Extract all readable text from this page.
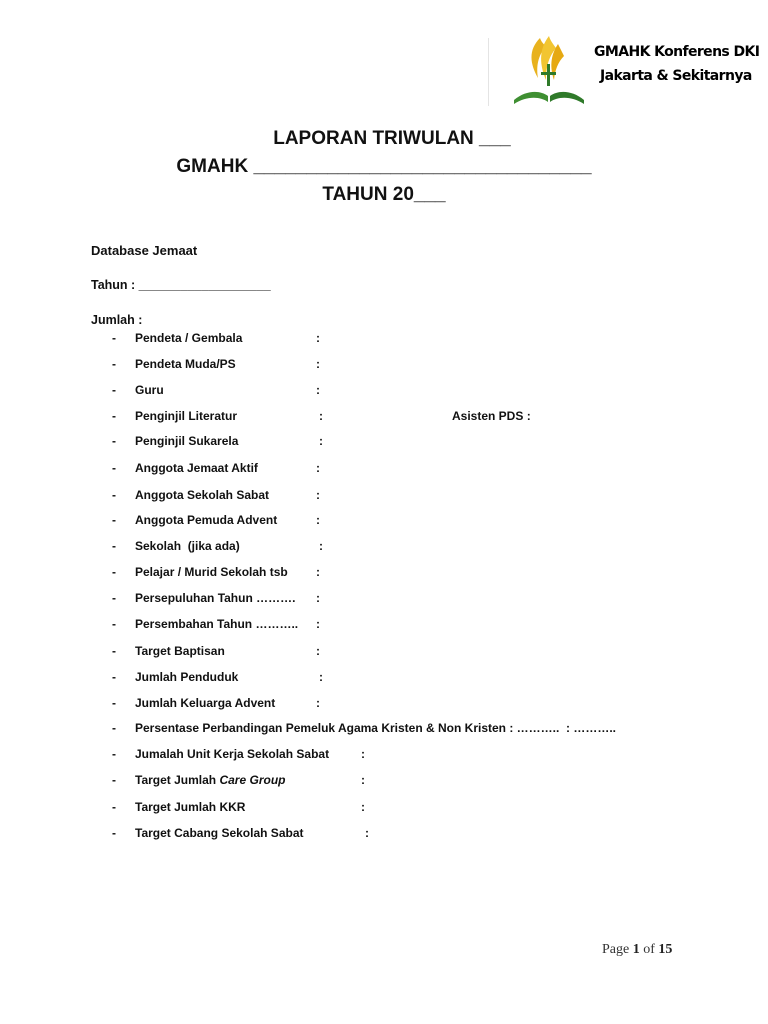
GMAHK Konferens DKI
Jakarta & Sekitarnya
LAPORAN TRIWULAN ___
GMAHK ________________________________
TAHUN 20___
Database Jemaat
Tahun : ___________________
Jumlah :
- Pendeta / Gembala	:
- Pendeta Muda/PS	:
- Guru	:
- Penginjil Literatur	:	Asisten PDS :
- Penginjil Sukarela	:
- Anggota Jemaat Aktif	:
- Anggota Sekolah Sabat	:
- Anggota Pemuda Advent	:
- Sekolah  (jika ada)	:
- Pelajar / Murid Sekolah tsb :
- Persepuluhan Tahun ………. :
- Persembahan Tahun ……….. :
- Target Baptisan	:
- Jumlah Penduduk	:
- Jumlah Keluarga Advent	:
- Persentase Perbandingan Pemeluk Agama Kristen & Non Kristen : ………..  : ………..
- Jumalah Unit Kerja Sekolah Sabat	:
- Target Jumlah Care Group	:
- Target Jumlah KKR	:
- Target Cabang Sekolah Sabat	:
Page 1 of 15
